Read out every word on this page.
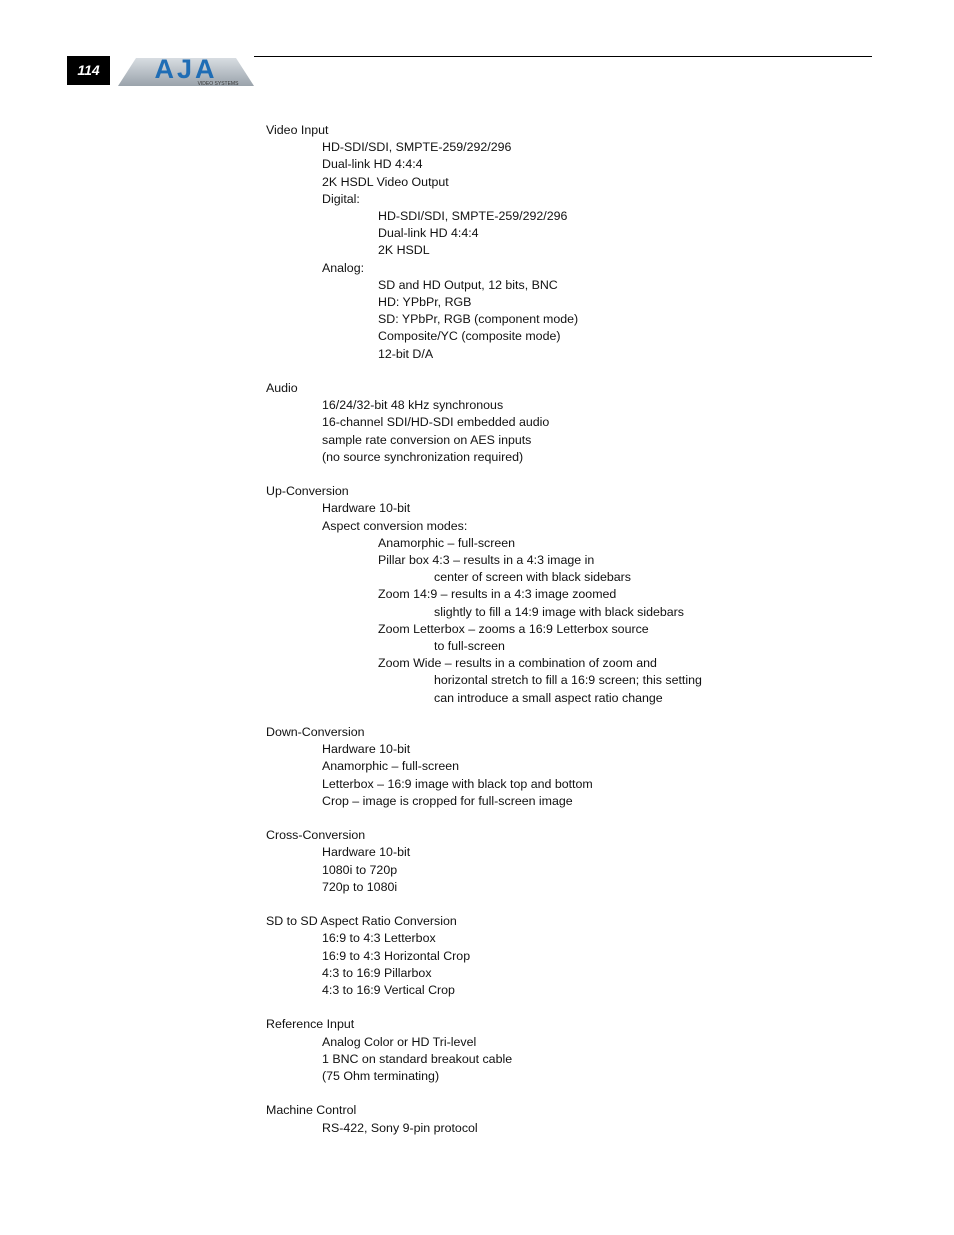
114	AJA
VIDEO SYSTEMS
Video Input
HD-SDI/SDI, SMPTE-259/292/296
Dual-link HD 4:4:4
2K HSDL Video Output
Digital:
HD-SDI/SDI, SMPTE-259/292/296
Dual-link HD 4:4:4
2K HSDL
Analog:
SD and HD Output, 12 bits, BNC
HD: YPbPr, RGB
SD: YPbPr, RGB (component mode)
Composite/YC (composite mode)
12-bit D/A
Audio
16/24/32-bit 48 kHz synchronous
16-channel SDI/HD-SDI embedded audio
sample rate conversion on AES inputs
(no source synchronization required)
Up-Conversion
Hardware 10-bit
Aspect conversion modes:
Anamorphic – full-screen
Pillar box 4:3 – results in a 4:3 image in
center of screen with black sidebars
Zoom 14:9 – results in a 4:3 image zoomed
slightly to fill a 14:9 image with black sidebars
Zoom Letterbox – zooms a 16:9 Letterbox source
to full-screen
Zoom Wide – results in a combination of zoom and
horizontal stretch to fill a 16:9 screen; this setting
can introduce a small aspect ratio change
Down-Conversion
Hardware 10-bit
Anamorphic – full-screen
Letterbox – 16:9 image with black top and bottom
Crop – image is cropped for full-screen image
Cross-Conversion
Hardware 10-bit
1080i to 720p
720p to 1080i
SD to SD Aspect Ratio Conversion
16:9 to 4:3 Letterbox
16:9 to 4:3 Horizontal Crop
4:3 to 16:9 Pillarbox
4:3 to 16:9 Vertical Crop
Reference Input
Analog Color or HD Tri-level
1 BNC on standard breakout cable
(75 Ohm terminating)
Machine Control
RS-422, Sony 9-pin protocol
